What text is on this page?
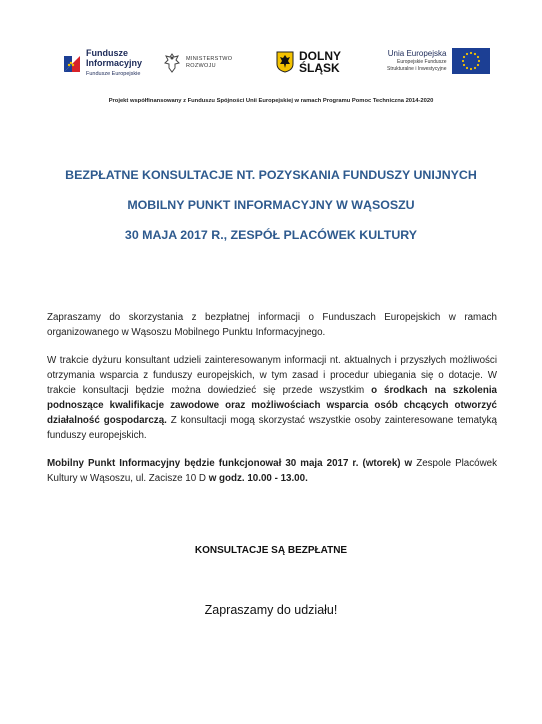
Fundusze
Informacyjny
Fundusze Europejskie
MINISTERSTWO
ROZWOJU
DOLNY
ŚLĄSK
Unia Europejska
Europejskie Fundusze
Strukturalne i Inwestycyjne
Projekt współfinansowany z Funduszu Spójności Unii Europejskiej w ramach Programu Pomoc Techniczna 2014-2020
BEZPŁATNE KONSULTACJE NT. POZYSKANIA FUNDUSZY UNIJNYCH
MOBILNY PUNKT INFORMACYJNY W WĄSOSZU
30 MAJA 2017 R., ZESPÓŁ PLACÓWEK KULTURY

Zapraszamy do skorzystania z bezpłatnej informacji o Funduszach Europejskich w ramach organizowanego w Wąsoszu Mobilnego Punktu Informacyjnego.

W trakcie dyżuru konsultant udzieli zainteresowanym informacji nt. aktualnych i przyszłych możliwości otrzymania wsparcia z funduszy europejskich, w tym zasad i procedur ubiegania się o dotacje. W trakcie konsultacji będzie można dowiedzieć się przede wszystkim o środkach na szkolenia podnoszące kwalifikacje zawodowe oraz możliwościach wsparcia osób chcących otworzyć działalność gospodarczą. Z konsultacji mogą skorzystać wszystkie osoby zainteresowane tematyką funduszy europejskich.

Mobilny Punkt Informacyjny będzie funkcjonował 30 maja 2017 r. (wtorek) w Zespole Placówek Kultury w Wąsoszu, ul. Zacisze 10 D w godz. 10.00 - 13.00.

KONSULTACJE SĄ BEZPŁATNE
Zapraszamy do udziału!
